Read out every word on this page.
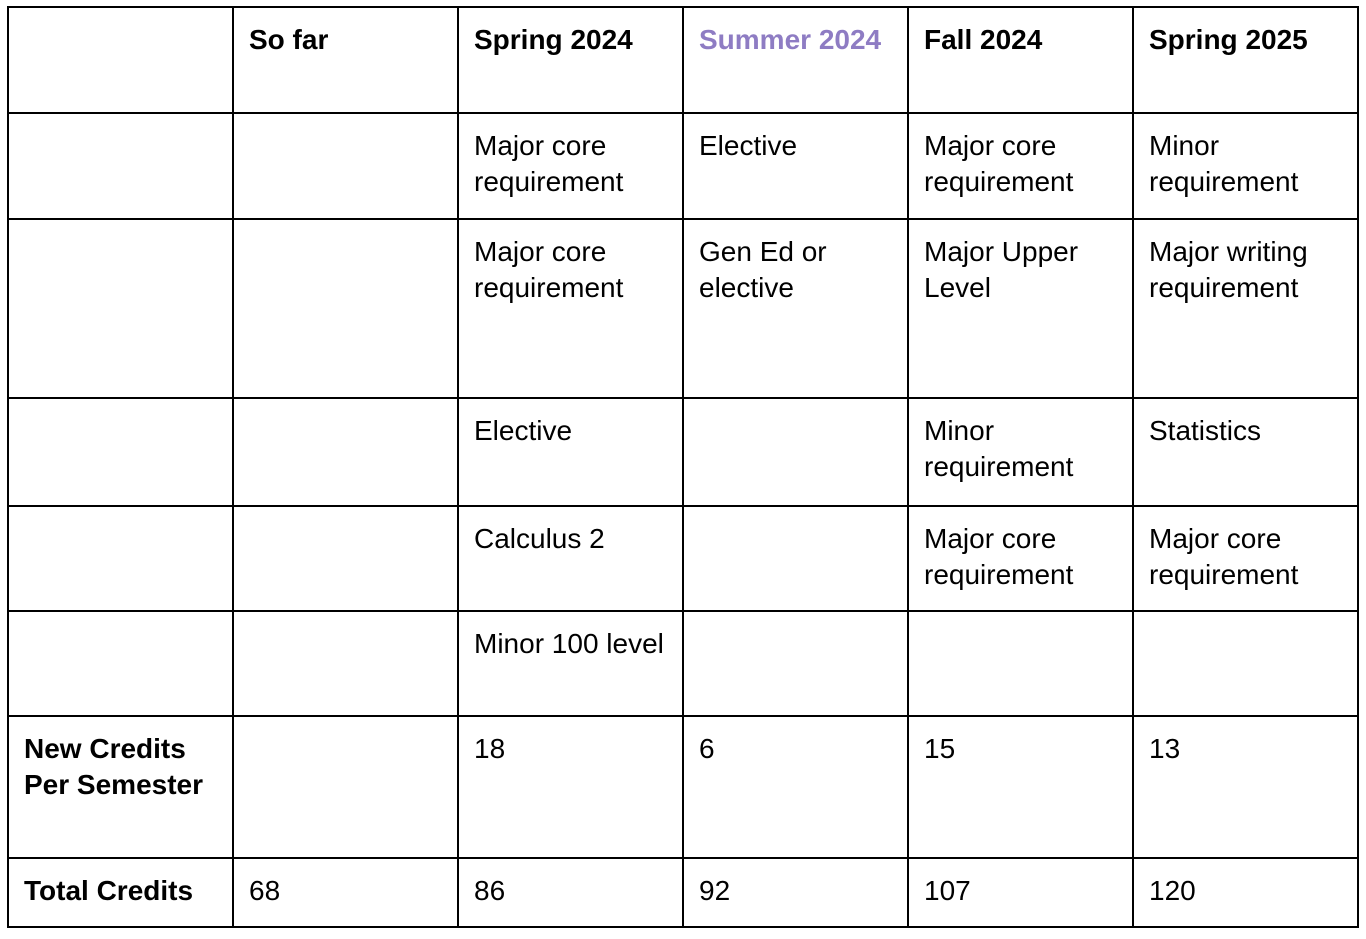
	So far	Spring 2024	Summer 2024	Fall 2024	Spring 2025
		Major core requirement	Elective	Major core requirement	Minor requirement
		Major core requirement	Gen Ed or elective	Major Upper Level	Major writing requirement
		Elective		Minor requirement	Statistics
		Calculus 2		Major core requirement	Major core requirement
		Minor 100 level			
New Credits Per Semester		18	6	15	13
Total Credits	68	86	92	107	120
